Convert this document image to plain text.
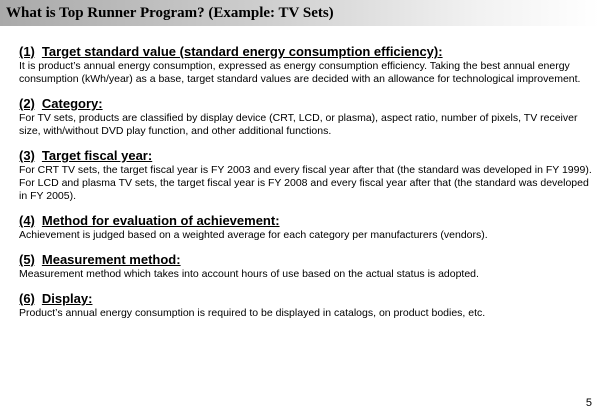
What is Top Runner Program? (Example: TV Sets)
(1) Target standard value (standard energy consumption efficiency):

It is product’s annual energy consumption, expressed as energy consumption efficiency. Taking the best annual energy consumption (kWh/year) as a base, target standard values are decided with an allowance for technological improvement.

(2) Category:

For TV sets, products are classified by display device (CRT, LCD, or plasma), aspect ratio, number of pixels, TV receiver size, with/without DVD play function, and other additional functions.

(3) Target fiscal year:

For CRT TV sets, the target fiscal year is FY 2003 and every fiscal year after that (the standard was developed in FY 1999).

For LCD and plasma TV sets, the target fiscal year is FY 2008 and every fiscal year after that (the standard was developed in FY 2005).

(4) Method for evaluation of achievement:

Achievement is judged based on a weighted average for each category per manufacturers (vendors).

(5) Measurement method:

Measurement method which takes into account hours of use based on the actual status is adopted.

(6) Display:

Product’s annual energy consumption is required to be displayed in catalogs, on product bodies, etc.

5
